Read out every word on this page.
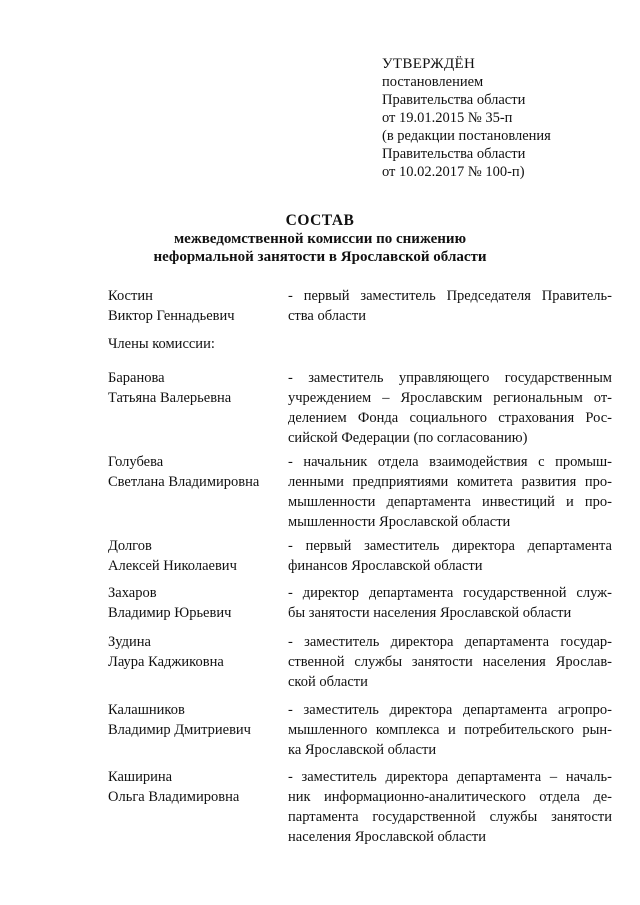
УТВЕРЖДЁН
постановлением
Правительства области
от 19.01.2015 № 35-п
(в редакции постановления
Правительства области
от 10.02.2017 № 100-п)
СОСТАВ
межведомственной комиссии по снижению
неформальной занятости в Ярославской области
Костин
Виктор Геннадьевич
- первый заместитель Председателя Правитель-
ства области
Члены комиссии:
Баранова
Татьяна Валерьевна
- заместитель управляющего государственным
учреждением – Ярославским региональным от-
делением Фонда социального страхования Рос-
сийской Федерации (по согласованию)
Голубева
Светлана Владимировна
- начальник отдела взаимодействия с промыш-
ленными предприятиями комитета развития про-
мышленности департамента инвестиций и про-
мышленности Ярославской области
Долгов
Алексей Николаевич
- первый заместитель директора департамента
финансов Ярославской области
Захаров
Владимир Юрьевич
- директор департамента государственной служ-
бы занятости населения Ярославской области
Зудина
Лаура Каджиковна
- заместитель директора департамента государ-
ственной службы занятости населения Ярослав-
ской области
Калашников
Владимир Дмитриевич
- заместитель директора департамента агропро-
мышленного комплекса и потребительского рын-
ка Ярославской области
Каширина
Ольга Владимировна
- заместитель директора департамента – началь-
ник информационно-аналитического отдела де-
партамента государственной службы занятости
населения Ярославской области
